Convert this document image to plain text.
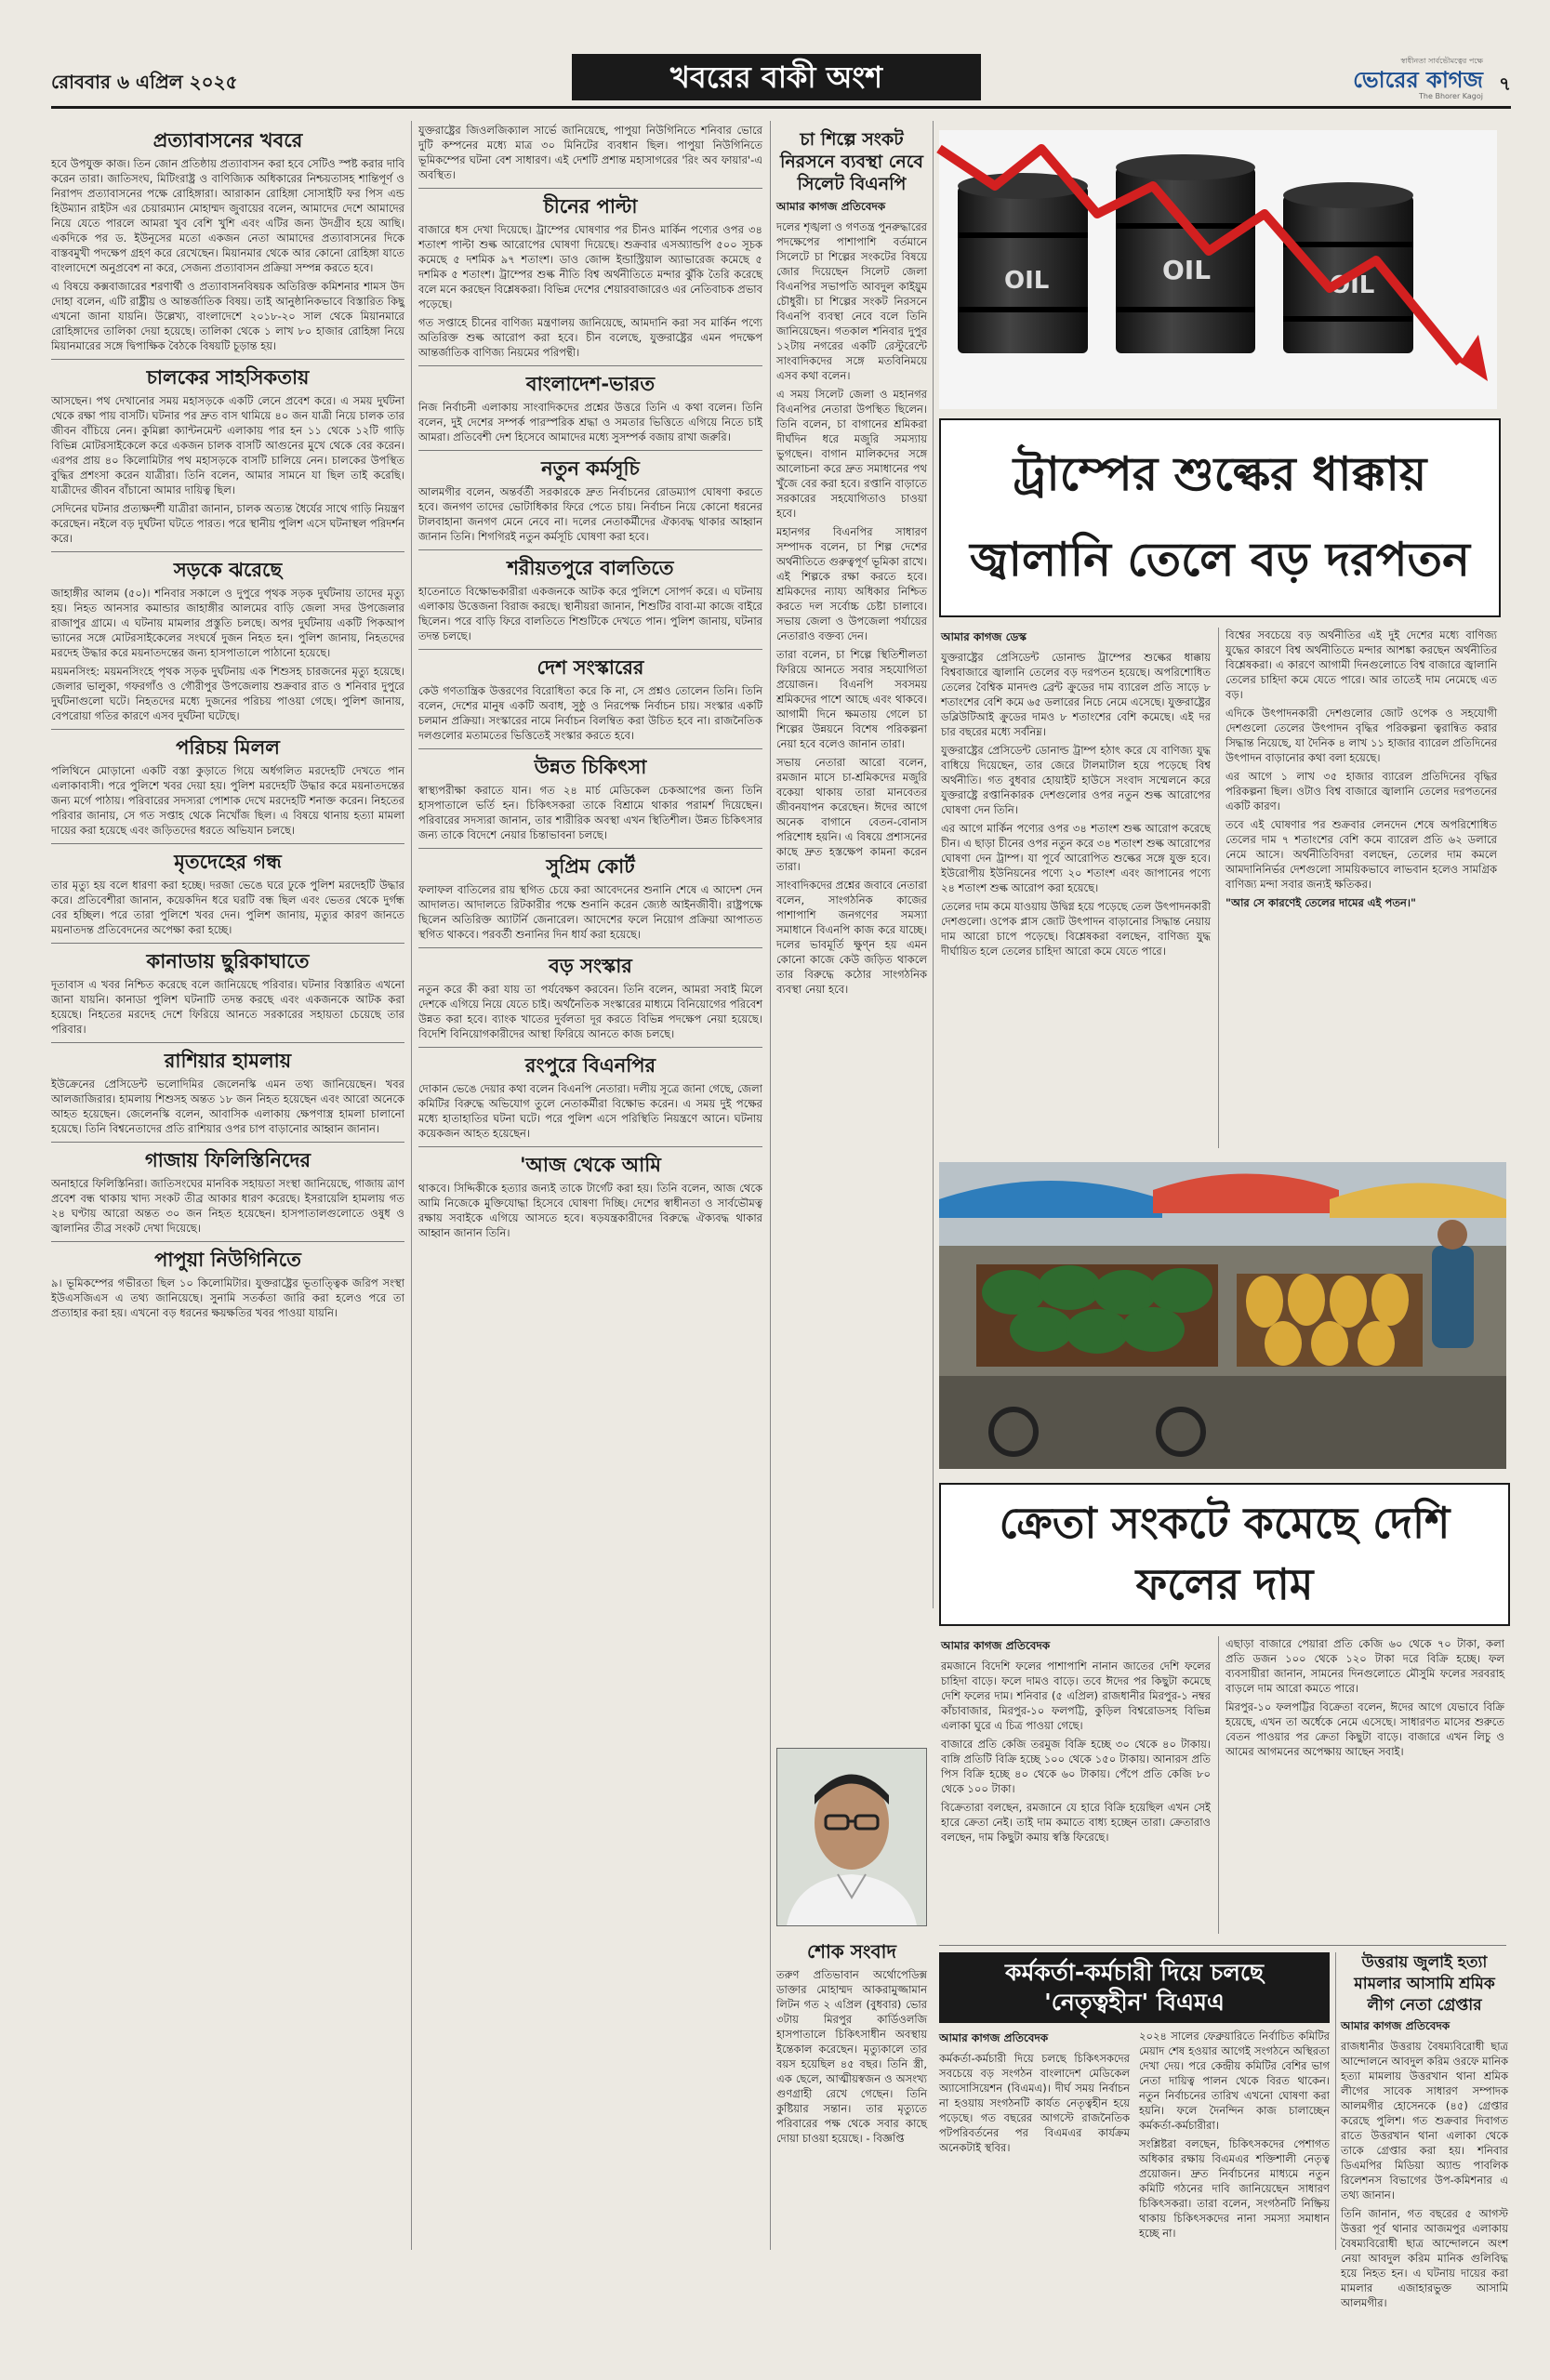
রোববার ৬ এপ্রিল ২০২৫	খবরের বাকী অংশ	স্বাধীনতা সার্বভৌমত্বের পক্ষে
ভোরের কাগজ
The Bhorer Kagoj
৭
প্রত্যাবাসনের খবরে

হবে উপযুক্ত কাজ। তিন জোন প্রতিষ্ঠায় প্রত্যাবাসন করা হবে সেটিও স্পষ্ট করার দাবি করেন তারা। জাতিসংঘ, মিটিংরাষ্ট্র ও বাণিজ্যিক অধিকারের নিশ্চয়তাসহ শান্তিপূর্ণ ও নিরাপদ প্রত্যাবাসনের পক্ষে রোহিঙ্গারা। আরাকান রোহিঙ্গা সোসাইটি ফর পিস এন্ড হিউম্যান রাইটস এর চেয়ারম্যান মোহাম্মদ জুবায়ের বলেন, আমাদের দেশে আমাদের নিয়ে যেতে পারলে আমরা খুব বেশি খুশি এবং এটির জন্য উদগ্রীব হয়ে আছি। একদিকে পর ড. ইউনূসের মতো একজন নেতা আমাদের প্রত্যাবাসনের দিকে বাস্তবমুখী পদক্ষেপ গ্রহণ করে রেখেছেন। মিয়ানমার থেকে আর কোনো রোহিঙ্গা যাতে বাংলাদেশে অনুপ্রবেশ না করে, সেজন্য প্রত্যাবাসন প্রক্রিয়া সম্পন্ন করতে হবে।

এ বিষয়ে কক্সবাজারের শরণার্থী ও প্রত্যাবাসনবিষয়ক অতিরিক্ত কমিশনার শামস উদ দোহা বলেন, এটি রাষ্ট্রীয় ও আন্তর্জাতিক বিষয়। তাই আনুষ্ঠানিকভাবে বিস্তারিত কিছু এখনো জানা যায়নি। উল্লেখ্য, বাংলাদেশে ২০১৮-২০ সাল থেকে মিয়ানমারে রোহিঙ্গাদের তালিকা দেয়া হয়েছে। তালিকা থেকে ১ লাখ ৮০ হাজার রোহিঙ্গা নিয়ে মিয়ানমারের সঙ্গে দ্বিপাক্ষিক বৈঠকে বিষয়টি চূড়ান্ত হয়।

চালকের সাহসিকতায়

আসছেন। পথ দেখানোর সময় মহাসড়কে একটি লেনে প্রবেশ করে। এ সময় দুর্ঘটনা থেকে রক্ষা পায় বাসটি। ঘটনার পর দ্রুত বাস থামিয়ে ৪০ জন যাত্রী নিয়ে চালক তার জীবন বাঁচিয়ে নেন। কুমিল্লা ক্যান্টনমেন্ট এলাকায় পার হন ১১ থেকে ১২টি গাড়ি বিভিন্ন মোটরসাইকেলে করে একজন চালক বাসটি আগুনের মুখে থেকে বের করেন। এরপর প্রায় ৪০ কিলোমিটার পথ মহাসড়কে বাসটি চালিয়ে নেন। চালকের উপস্থিত বুদ্ধির প্রশংসা করেন যাত্রীরা। তিনি বলেন, আমার সামনে যা ছিল তাই করেছি। যাত্রীদের জীবন বাঁচানো আমার দায়িত্ব ছিল।

সেদিনের ঘটনার প্রত্যক্ষদর্শী যাত্রীরা জানান, চালক অত্যন্ত ধৈর্যের সাথে গাড়ি নিয়ন্ত্রণ করেছেন। নইলে বড় দুর্ঘটনা ঘটতে পারত। পরে স্থানীয় পুলিশ এসে ঘটনাস্থল পরিদর্শন করে।

সড়কে ঝরেছে

জাহাঙ্গীর আলম (৫০)। শনিবার সকালে ও দুপুরে পৃথক সড়ক দুর্ঘটনায় তাদের মৃত্যু হয়। নিহত আনসার কমান্ডার জাহাঙ্গীর আলমের বাড়ি জেলা সদর উপজেলার রাজাপুর গ্রামে। এ ঘটনায় মামলার প্রস্তুতি চলছে। অপর দুর্ঘটনায় একটি পিকআপ ভ্যানের সঙ্গে মোটরসাইকেলের সংঘর্ষে দুজন নিহত হন। পুলিশ জানায়, নিহতদের মরদেহ উদ্ধার করে ময়নাতদন্তের জন্য হাসপাতালে পাঠানো হয়েছে।

ময়মনসিংহ: ময়মনসিংহে পৃথক সড়ক দুর্ঘটনায় এক শিশুসহ চারজনের মৃত্যু হয়েছে। জেলার ভালুকা, গফরগাঁও ও গৌরীপুর উপজেলায় শুক্রবার রাত ও শনিবার দুপুরে দুর্ঘটনাগুলো ঘটে। নিহতদের মধ্যে দুজনের পরিচয় পাওয়া গেছে। পুলিশ জানায়, বেপরোয়া গতির কারণে এসব দুর্ঘটনা ঘটেছে।

পরিচয় মিলল

পলিথিনে মোড়ানো একটি বস্তা কুড়াতে গিয়ে অর্ধগলিত মরদেহটি দেখতে পান এলাকাবাসী। পরে পুলিশে খবর দেয়া হয়। পুলিশ মরদেহটি উদ্ধার করে ময়নাতদন্তের জন্য মর্গে পাঠায়। পরিবারের সদস্যরা পোশাক দেখে মরদেহটি শনাক্ত করেন। নিহতের পরিবার জানায়, সে গত সপ্তাহ থেকে নিখোঁজ ছিল। এ বিষয়ে থানায় হত্যা মামলা দায়ের করা হয়েছে এবং জড়িতদের ধরতে অভিযান চলছে।

মৃতদেহের গন্ধ

তার মৃত্যু হয় বলে ধারণা করা হচ্ছে। দরজা ভেঙে ঘরে ঢুকে পুলিশ মরদেহটি উদ্ধার করে। প্রতিবেশীরা জানান, কয়েকদিন ধরে ঘরটি বন্ধ ছিল এবং ভেতর থেকে দুর্গন্ধ বের হচ্ছিল। পরে তারা পুলিশে খবর দেন। পুলিশ জানায়, মৃত্যুর কারণ জানতে ময়নাতদন্ত প্রতিবেদনের অপেক্ষা করা হচ্ছে।

কানাডায় ছুরিকাঘাতে

দূতাবাস এ খবর নিশ্চিত করেছে বলে জানিয়েছে পরিবার। ঘটনার বিস্তারিত এখনো জানা যায়নি। কানাডা পুলিশ ঘটনাটি তদন্ত করছে এবং একজনকে আটক করা হয়েছে। নিহতের মরদেহ দেশে ফিরিয়ে আনতে সরকারের সহায়তা চেয়েছে তার পরিবার।

রাশিয়ার হামলায়

ইউক্রেনের প্রেসিডেন্ট ভলোদিমির জেলেনস্কি এমন তথ্য জানিয়েছেন। খবর আলজাজিরার। হামলায় শিশুসহ অন্তত ১৮ জন নিহত হয়েছেন এবং আরো অনেকে আহত হয়েছেন। জেলেনস্কি বলেন, আবাসিক এলাকায় ক্ষেপণাস্ত্র হামলা চালানো হয়েছে। তিনি বিশ্বনেতাদের প্রতি রাশিয়ার ওপর চাপ বাড়ানোর আহ্বান জানান।

গাজায় ফিলিস্তিনিদের

অনাহারে ফিলিস্তিনিরা। জাতিসংঘের মানবিক সহায়তা সংস্থা জানিয়েছে, গাজায় ত্রাণ প্রবেশ বন্ধ থাকায় খাদ্য সংকট তীব্র আকার ধারণ করেছে। ইসরায়েলি হামলায় গত ২৪ ঘণ্টায় আরো অন্তত ৩০ জন নিহত হয়েছেন। হাসপাতালগুলোতে ওষুধ ও জ্বালানির তীব্র সংকট দেখা দিয়েছে।

পাপুয়া নিউগিনিতে

৯। ভূমিকম্পের গভীরতা ছিল ১০ কিলোমিটার। যুক্তরাষ্ট্রের ভূতাত্ত্বিক জরিপ সংস্থা ইউএসজিএস এ তথ্য জানিয়েছে। সুনামি সতর্কতা জারি করা হলেও পরে তা প্রত্যাহার করা হয়। এখনো বড় ধরনের ক্ষয়ক্ষতির খবর পাওয়া যায়নি।

যুক্তরাষ্ট্রের জিওলজিক্যাল সার্ভে জানিয়েছে, পাপুয়া নিউগিনিতে শনিবার ভোরে দুটি কম্পনের মধ্যে মাত্র ৩০ মিনিটের ব্যবধান ছিল। পাপুয়া নিউগিনিতে ভূমিকম্পের ঘটনা বেশ সাধারণ। এই দেশটি প্রশান্ত মহাসাগরের 'রিং অব ফায়ার'-এ অবস্থিত।

চীনের পাল্টা

বাজারে ধস দেখা দিয়েছে। ট্রাম্পের ঘোষণার পর চীনও মার্কিন পণ্যের ওপর ৩৪ শতাংশ পাল্টা শুল্ক আরোপের ঘোষণা দিয়েছে। শুক্রবার এসঅ্যান্ডপি ৫০০ সূচক কমেছে ৫ দশমিক ৯৭ শতাংশ। ডাও জোন্স ইন্ডাস্ট্রিয়াল অ্যাভারেজ কমেছে ৫ দশমিক ৫ শতাংশ। ট্রাম্পের শুল্ক নীতি বিশ্ব অর্থনীতিতে মন্দার ঝুঁকি তৈরি করেছে বলে মনে করছেন বিশ্লেষকরা। বিভিন্ন দেশের শেয়ারবাজারেও এর নেতিবাচক প্রভাব পড়েছে।

গত সপ্তাহে চীনের বাণিজ্য মন্ত্রণালয় জানিয়েছে, আমদানি করা সব মার্কিন পণ্যে অতিরিক্ত শুল্ক আরোপ করা হবে। চীন বলেছে, যুক্তরাষ্ট্রের এমন পদক্ষেপ আন্তর্জাতিক বাণিজ্য নিয়মের পরিপন্থী।

বাংলাদেশ-ভারত

নিজ নির্বাচনী এলাকায় সাংবাদিকদের প্রশ্নের উত্তরে তিনি এ কথা বলেন। তিনি বলেন, দুই দেশের সম্পর্ক পারস্পরিক শ্রদ্ধা ও সমতার ভিত্তিতে এগিয়ে নিতে চাই আমরা। প্রতিবেশী দেশ হিসেবে আমাদের মধ্যে সুসম্পর্ক বজায় রাখা জরুরি।

নতুন কর্মসূচি

আলমগীর বলেন, অন্তর্বর্তী সরকারকে দ্রুত নির্বাচনের রোডম্যাপ ঘোষণা করতে হবে। জনগণ তাদের ভোটাধিকার ফিরে পেতে চায়। নির্বাচন নিয়ে কোনো ধরনের টালবাহানা জনগণ মেনে নেবে না। দলের নেতাকর্মীদের ঐক্যবদ্ধ থাকার আহ্বান জানান তিনি। শিগগিরই নতুন কর্মসূচি ঘোষণা করা হবে।

শরীয়তপুরে বালতিতে

হাতেনাতে বিক্ষোভকারীরা একজনকে আটক করে পুলিশে সোপর্দ করে। এ ঘটনায় এলাকায় উত্তেজনা বিরাজ করছে। স্থানীয়রা জানান, শিশুটির বাবা-মা কাজে বাইরে ছিলেন। পরে বাড়ি ফিরে বালতিতে শিশুটিকে দেখতে পান। পুলিশ জানায়, ঘটনার তদন্ত চলছে।

দেশ সংস্কারের

কেউ গণতান্ত্রিক উত্তরণের বিরোধিতা করে কি না, সে প্রশ্নও তোলেন তিনি। তিনি বলেন, দেশের মানুষ একটি অবাধ, সুষ্ঠু ও নিরপেক্ষ নির্বাচন চায়। সংস্কার একটি চলমান প্রক্রিয়া। সংস্কারের নামে নির্বাচন বিলম্বিত করা উচিত হবে না। রাজনৈতিক দলগুলোর মতামতের ভিত্তিতেই সংস্কার করতে হবে।

উন্নত চিকিৎসা

স্বাস্থ্যপরীক্ষা করাতে যান। গত ২৪ মার্চ মেডিকেল চেকআপের জন্য তিনি হাসপাতালে ভর্তি হন। চিকিৎসকরা তাকে বিশ্রামে থাকার পরামর্শ দিয়েছেন। পরিবারের সদস্যরা জানান, তার শারীরিক অবস্থা এখন স্থিতিশীল। উন্নত চিকিৎসার জন্য তাকে বিদেশে নেয়ার চিন্তাভাবনা চলছে।

সুপ্রিম কোর্ট

ফলাফল বাতিলের রায় স্থগিত চেয়ে করা আবেদনের শুনানি শেষে এ আদেশ দেন আদালত। আদালতে রিটকারীর পক্ষে শুনানি করেন জ্যেষ্ঠ আইনজীবী। রাষ্ট্রপক্ষে ছিলেন অতিরিক্ত অ্যাটর্নি জেনারেল। আদেশের ফলে নিয়োগ প্রক্রিয়া আপাতত স্থগিত থাকবে। পরবর্তী শুনানির দিন ধার্য করা হয়েছে।

বড় সংস্কার

নতুন করে কী করা যায় তা পর্যবেক্ষণ করবেন। তিনি বলেন, আমরা সবাই মিলে দেশকে এগিয়ে নিয়ে যেতে চাই। অর্থনৈতিক সংস্কারের মাধ্যমে বিনিয়োগের পরিবেশ উন্নত করা হবে। ব্যাংক খাতের দুর্বলতা দূর করতে বিভিন্ন পদক্ষেপ নেয়া হয়েছে। বিদেশি বিনিয়োগকারীদের আস্থা ফিরিয়ে আনতে কাজ চলছে।

রংপুরে বিএনপির

দোকান ভেঙে দেয়ার কথা বলেন বিএনপি নেতারা। দলীয় সূত্রে জানা গেছে, জেলা কমিটির বিরুদ্ধে অভিযোগ তুলে নেতাকর্মীরা বিক্ষোভ করেন। এ সময় দুই পক্ষের মধ্যে হাতাহাতির ঘটনা ঘটে। পরে পুলিশ এসে পরিস্থিতি নিয়ন্ত্রণে আনে। ঘটনায় কয়েকজন আহত হয়েছেন।

'আজ থেকে আমি

থাকবে। সিদ্দিকীকে হত্যার জন্যই তাকে টার্গেট করা হয়। তিনি বলেন, আজ থেকে আমি নিজেকে মুক্তিযোদ্ধা হিসেবে ঘোষণা দিচ্ছি। দেশের স্বাধীনতা ও সার্বভৌমত্ব রক্ষায় সবাইকে এগিয়ে আসতে হবে। ষড়যন্ত্রকারীদের বিরুদ্ধে ঐক্যবদ্ধ থাকার আহ্বান জানান তিনি।

চা শিল্পে সংকট নিরসনে ব্যবস্থা নেবে সিলেট বিএনপি
আমার কাগজ প্রতিবেদক

দলের শৃঙ্খলা ও গণতন্ত্র পুনরুদ্ধারের পদক্ষেপের পাশাপাশি বর্তমানে সিলেটে চা শিল্পের সংকটের বিষয়ে জোর দিয়েছেন সিলেট জেলা বিএনপির সভাপতি আবদুল কাইয়ুম চৌধুরী। চা শিল্পের সংকট নিরসনে বিএনপি ব্যবস্থা নেবে বলে তিনি জানিয়েছেন। গতকাল শনিবার দুপুর ১২টায় নগরের একটি রেস্টুরেন্টে সাংবাদিকদের সঙ্গে মতবিনিময়ে এসব কথা বলেন।

এ সময় সিলেট জেলা ও মহানগর বিএনপির নেতারা উপস্থিত ছিলেন। তিনি বলেন, চা বাগানের শ্রমিকরা দীর্ঘদিন ধরে মজুরি সমস্যায় ভুগছেন। বাগান মালিকদের সঙ্গে আলোচনা করে দ্রুত সমাধানের পথ খুঁজে বের করা হবে। রপ্তানি বাড়াতে সরকারের সহযোগিতাও চাওয়া হবে।

মহানগর বিএনপির সাধারণ সম্পাদক বলেন, চা শিল্প দেশের অর্থনীতিতে গুরুত্বপূর্ণ ভূমিকা রাখে। এই শিল্পকে রক্ষা করতে হবে। শ্রমিকদের ন্যায্য অধিকার নিশ্চিত করতে দল সর্বোচ্চ চেষ্টা চালাবে। সভায় জেলা ও উপজেলা পর্যায়ের নেতারাও বক্তব্য দেন।

তারা বলেন, চা শিল্পে স্থিতিশীলতা ফিরিয়ে আনতে সবার সহযোগিতা প্রয়োজন। বিএনপি সবসময় শ্রমিকদের পাশে আছে এবং থাকবে। আগামী দিনে ক্ষমতায় গেলে চা শিল্পের উন্নয়নে বিশেষ পরিকল্পনা নেয়া হবে বলেও জানান তারা।

সভায় নেতারা আরো বলেন, রমজান মাসে চা-শ্রমিকদের মজুরি বকেয়া থাকায় তারা মানবেতর জীবনযাপন করেছেন। ঈদের আগে অনেক বাগানে বেতন-বোনাস পরিশোধ হয়নি। এ বিষয়ে প্রশাসনের কাছে দ্রুত হস্তক্ষেপ কামনা করেন তারা।

সাংবাদিকদের প্রশ্নের জবাবে নেতারা বলেন, সাংগঠনিক কাজের পাশাপাশি জনগণের সমস্যা সমাধানে বিএনপি কাজ করে যাচ্ছে। দলের ভাবমূর্তি ক্ষুণ্ন হয় এমন কোনো কাজে কেউ জড়িত থাকলে তার বিরুদ্ধে কঠোর সাংগঠনিক ব্যবস্থা নেয়া হবে।

শোক সংবাদ

তরুণ প্রতিভাবান অর্থোপেডিক্স ডাক্তার মোহাম্মদ আকরামুজ্জামান লিটন গত ২ এপ্রিল (বুধবার) ভোর ৩টায় মিরপুর কার্ডিওলজি হাসপাতালে চিকিৎসাধীন অবস্থায় ইন্তেকাল করেছেন। মৃত্যুকালে তার বয়স হয়েছিল ৪৫ বছর। তিনি স্ত্রী, এক ছেলে, আত্মীয়স্বজন ও অসংখ্য গুণগ্রাহী রেখে গেছেন। তিনি কুষ্টিয়ার সন্তান। তার মৃত্যুতে পরিবারের পক্ষ থেকে সবার কাছে দোয়া চাওয়া হয়েছে। - বিজ্ঞপ্তি

OIL	OIL	OIL
ট্রাম্পের শুল্কের ধাক্কায় জ্বালানি তেলে বড় দরপতন
আমার কাগজ ডেস্ক

যুক্তরাষ্ট্রের প্রেসিডেন্ট ডোনাল্ড ট্রাম্পের শুল্কের ধাক্কায় বিশ্ববাজারে জ্বালানি তেলের বড় দরপতন হয়েছে। অপরিশোধিত তেলের বৈশ্বিক মানদণ্ড ব্রেন্ট ক্রুডের দাম ব্যারেল প্রতি সাড়ে ৮ শতাংশের বেশি কমে ৬৫ ডলারের নিচে নেমে এসেছে। যুক্তরাষ্ট্রের ডব্লিউটিআই ক্রুডের দামও ৮ শতাংশের বেশি কমেছে। এই দর চার বছরের মধ্যে সর্বনিম্ন।

যুক্তরাষ্ট্রের প্রেসিডেন্ট ডোনাল্ড ট্রাম্প হঠাৎ করে যে বাণিজ্য যুদ্ধ বাধিয়ে দিয়েছেন, তার জেরে টালমাটাল হয়ে পড়েছে বিশ্ব অর্থনীতি। গত বুধবার হোয়াইট হাউসে সংবাদ সম্মেলনে করে যুক্তরাষ্ট্রে রপ্তানিকারক দেশগুলোর ওপর নতুন শুল্ক আরোপের ঘোষণা দেন তিনি।

এর আগে মার্কিন পণ্যের ওপর ৩৪ শতাংশ শুল্ক আরোপ করেছে চীন। এ ছাড়া চীনের ওপর নতুন করে ৩৪ শতাংশ শুল্ক আরোপের ঘোষণা দেন ট্রাম্প। যা পূর্বে আরোপিত শুল্কের সঙ্গে যুক্ত হবে। ইউরোপীয় ইউনিয়নের পণ্যে ২০ শতাংশ এবং জাপানের পণ্যে ২৪ শতাংশ শুল্ক আরোপ করা হয়েছে।

তেলের দাম কমে যাওয়ায় উদ্বিগ্ন হয়ে পড়েছে তেল উৎপাদনকারী দেশগুলো। ওপেক প্লাস জোট উৎপাদন বাড়ানোর সিদ্ধান্ত নেয়ায় দাম আরো চাপে পড়েছে। বিশ্লেষকরা বলছেন, বাণিজ্য যুদ্ধ দীর্ঘায়িত হলে তেলের চাহিদা আরো কমে যেতে পারে।

বিশ্বের সবচেয়ে বড় অর্থনীতির এই দুই দেশের মধ্যে বাণিজ্য যুদ্ধের কারণে বিশ্ব অর্থনীতিতে মন্দার আশঙ্কা করছেন অর্থনীতির বিশ্লেষকরা। এ কারণে আগামী দিনগুলোতে বিশ্ব বাজারে জ্বালানি তেলের চাহিদা কমে যেতে পারে। আর তাতেই দাম নেমেছে এত বড়।

এদিকে উৎপাদনকারী দেশগুলোর জোট ওপেক ও সহযোগী দেশগুলো তেলের উৎপাদন বৃদ্ধির পরিকল্পনা ত্বরান্বিত করার সিদ্ধান্ত নিয়েছে, যা দৈনিক ৪ লাখ ১১ হাজার ব্যারেল প্রতিদিনের উৎপাদন বাড়ানোর কথা বলা হয়েছে।

এর আগে ১ লাখ ৩৫ হাজার ব্যারেল প্রতিদিনের বৃদ্ধির পরিকল্পনা ছিল। ওটাও বিশ্ব বাজারে জ্বালানি তেলের দরপতনের একটি কারণ।

তবে এই ঘোষণার পর শুক্রবার লেনদেন শেষে অপরিশোধিত তেলের দাম ৭ শতাংশের বেশি কমে ব্যারেল প্রতি ৬২ ডলারে নেমে আসে। অর্থনীতিবিদরা বলছেন, তেলের দাম কমলে আমদানিনির্ভর দেশগুলো সাময়িকভাবে লাভবান হলেও সামগ্রিক বাণিজ্য মন্দা সবার জন্যই ক্ষতিকর।

"আর সে কারণেই তেলের দামের এই পতন।"

ক্রেতা সংকটে কমেছে দেশি ফলের দাম
আমার কাগজ প্রতিবেদক

রমজানে বিদেশি ফলের পাশাপাশি নানান জাতের দেশি ফলের চাহিদা বাড়ে। ফলে দামও বাড়ে। তবে ঈদের পর কিছুটা কমেছে দেশি ফলের দাম। শনিবার (৫ এপ্রিল) রাজধানীর মিরপুর-১ নম্বর কাঁচাবাজার, মিরপুর-১০ ফলপট্টি, কুড়িল বিশ্বরোডসহ বিভিন্ন এলাকা ঘুরে এ চিত্র পাওয়া গেছে।

বাজারে প্রতি কেজি তরমুজ বিক্রি হচ্ছে ৩০ থেকে ৪০ টাকায়। বাঙ্গি প্রতিটি বিক্রি হচ্ছে ১০০ থেকে ১৫০ টাকায়। আনারস প্রতি পিস বিক্রি হচ্ছে ৪০ থেকে ৬০ টাকায়। পেঁপে প্রতি কেজি ৮০ থেকে ১০০ টাকা।

বিক্রেতারা বলছেন, রমজানে যে হারে বিক্রি হয়েছিল এখন সেই হারে ক্রেতা নেই। তাই দাম কমাতে বাধ্য হচ্ছেন তারা। ক্রেতারাও বলছেন, দাম কিছুটা কমায় স্বস্তি ফিরেছে।

এছাড়া বাজারে পেয়ারা প্রতি কেজি ৬০ থেকে ৭০ টাকা, কলা প্রতি ডজন ১০০ থেকে ১২০ টাকা দরে বিক্রি হচ্ছে। ফল ব্যবসায়ীরা জানান, সামনের দিনগুলোতে মৌসুমি ফলের সরবরাহ বাড়লে দাম আরো কমতে পারে।

মিরপুর-১০ ফলপট্টির বিক্রেতা বলেন, ঈদের আগে যেভাবে বিক্রি হয়েছে, এখন তা অর্ধেকে নেমে এসেছে। সাধারণত মাসের শুরুতে বেতন পাওয়ার পর ক্রেতা কিছুটা বাড়ে। বাজারে এখন লিচু ও আমের আগমনের অপেক্ষায় আছেন সবাই।

কর্মকর্তা-কর্মচারী দিয়ে চলছে
'নেতৃত্বহীন' বিএমএ
আমার কাগজ প্রতিবেদক

কর্মকর্তা-কর্মচারী দিয়ে চলছে চিকিৎসকদের সবচেয়ে বড় সংগঠন বাংলাদেশ মেডিকেল অ্যাসোসিয়েশন (বিএমএ)। দীর্ঘ সময় নির্বাচন না হওয়ায় সংগঠনটি কার্যত নেতৃত্বহীন হয়ে পড়েছে। গত বছরের আগস্টে রাজনৈতিক পটপরিবর্তনের পর বিএমএর কার্যক্রম অনেকটাই স্থবির।

২০২৪ সালের ফেব্রুয়ারিতে নির্বাচিত কমিটির মেয়াদ শেষ হওয়ার আগেই সংগঠনে অস্থিরতা দেখা দেয়। পরে কেন্দ্রীয় কমিটির বেশির ভাগ নেতা দায়িত্ব পালন থেকে বিরত থাকেন। নতুন নির্বাচনের তারিখ এখনো ঘোষণা করা হয়নি। ফলে দৈনন্দিন কাজ চালাচ্ছেন কর্মকর্তা-কর্মচারীরা।

সংশ্লিষ্টরা বলছেন, চিকিৎসকদের পেশাগত অধিকার রক্ষায় বিএমএর শক্তিশালী নেতৃত্ব প্রয়োজন। দ্রুত নির্বাচনের মাধ্যমে নতুন কমিটি গঠনের দাবি জানিয়েছেন সাধারণ চিকিৎসকরা। তারা বলেন, সংগঠনটি নিষ্ক্রিয় থাকায় চিকিৎসকদের নানা সমস্যা সমাধান হচ্ছে না।

উত্তরায় জুলাই হত্যা
মামলার আসামি শ্রমিক
লীগ নেতা গ্রেপ্তার
আমার কাগজ প্রতিবেদক

রাজধানীর উত্তরায় বৈষম্যবিরোধী ছাত্র আন্দোলনে আবদুল করিম ওরফে মানিক হত্যা মামলায় উত্তরখান থানা শ্রমিক লীগের সাবেক সাধারণ সম্পাদক আলমগীর হোসেনকে (৪৫) গ্রেপ্তার করেছে পুলিশ। গত শুক্রবার দিবাগত রাতে উত্তরখান থানা এলাকা থেকে তাকে গ্রেপ্তার করা হয়। শনিবার ডিএমপির মিডিয়া অ্যান্ড পাবলিক রিলেশনস বিভাগের উপ-কমিশনার এ তথ্য জানান।

তিনি জানান, গত বছরের ৫ আগস্ট উত্তরা পূর্ব থানার আজমপুর এলাকায় বৈষম্যবিরোধী ছাত্র আন্দোলনে অংশ নেয়া আবদুল করিম মানিক গুলিবিদ্ধ হয়ে নিহত হন। এ ঘটনায় দায়ের করা মামলার এজাহারভুক্ত আসামি আলমগীর।
